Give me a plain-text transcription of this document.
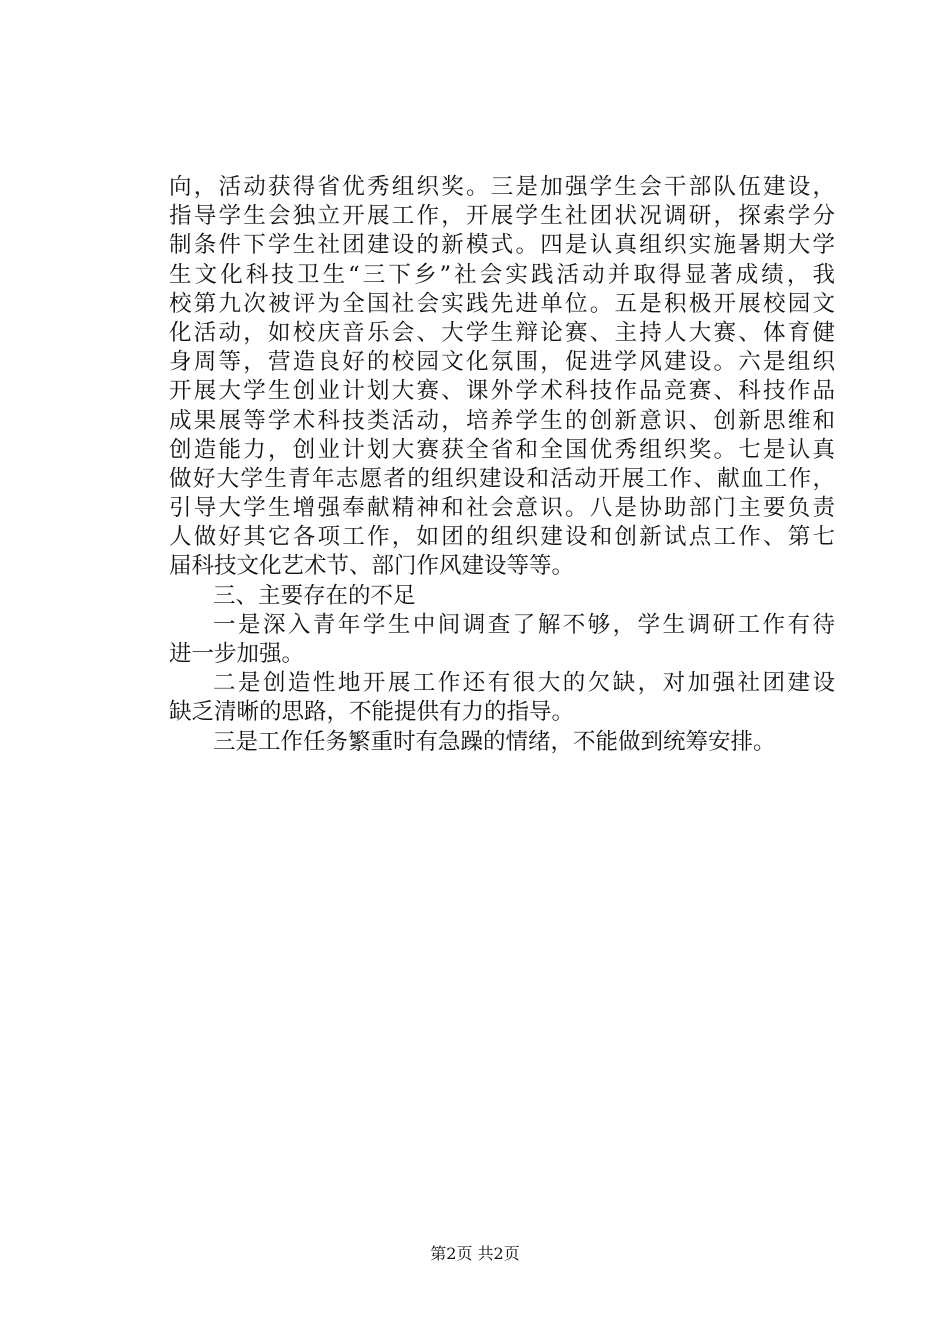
向，活动获得省优秀组织奖。三是加强学生会干部队伍建设，
指导学生会独立开展工作，开展学生社团状况调研，探索学分
制条件下学生社团建设的新模式。四是认真组织实施暑期大学
生文化科技卫生“三下乡”社会实践活动并取得显著成绩，我
校第九次被评为全国社会实践先进单位。五是积极开展校园文
化活动，如校庆音乐会、大学生辩论赛、主持人大赛、体育健
身周等，营造良好的校园文化氛围，促进学风建设。六是组织
开展大学生创业计划大赛、课外学术科技作品竞赛、科技作品
成果展等学术科技类活动，培养学生的创新意识、创新思维和
创造能力，创业计划大赛获全省和全国优秀组织奖。七是认真
做好大学生青年志愿者的组织建设和活动开展工作、献血工作，
引导大学生增强奉献精神和社会意识。八是协助部门主要负责
人做好其它各项工作，如团的组织建设和创新试点工作、第七
届科技文化艺术节、部门作风建设等等。
三、主要存在的不足
一是深入青年学生中间调查了解不够，学生调研工作有待
进一步加强。
二是创造性地开展工作还有很大的欠缺，对加强社团建设
缺乏清晰的思路，不能提供有力的指导。
三是工作任务繁重时有急躁的情绪，不能做到统筹安排。
第2页 共2页
